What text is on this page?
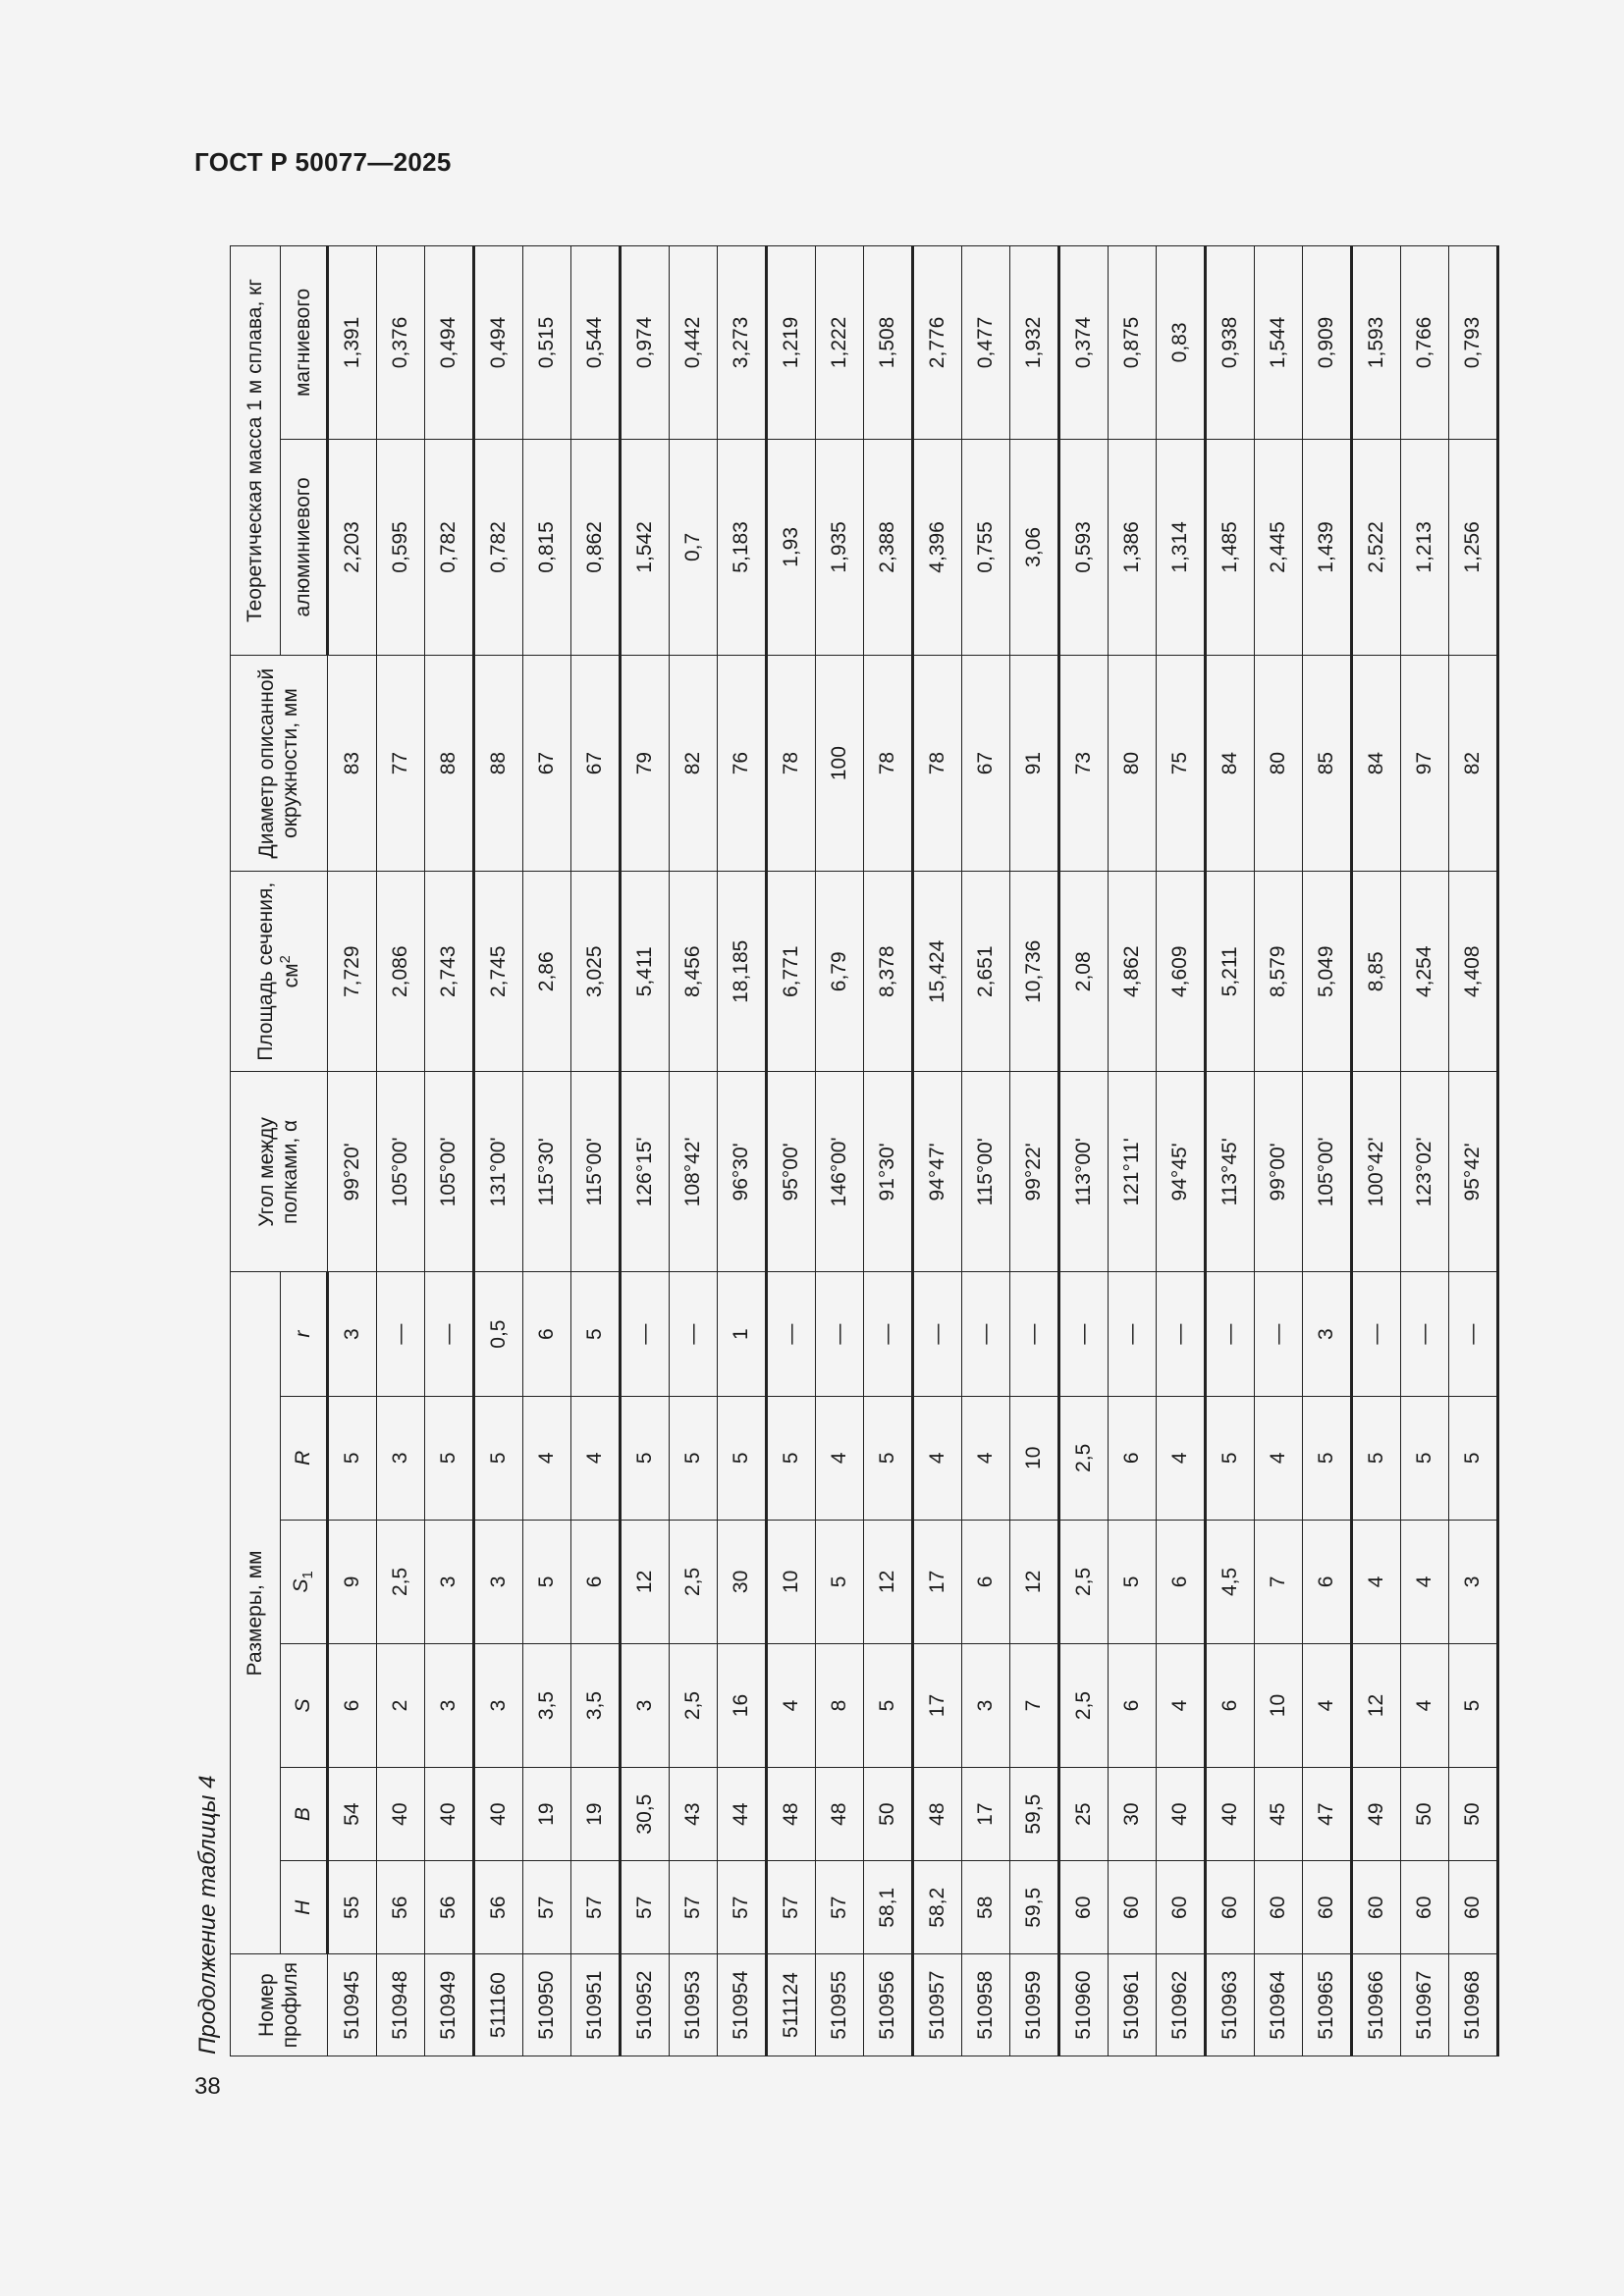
ГОСТ Р 50077—2025
Продолжение таблицы 4	Номер профиля	Размеры, мм						Угол между полками, α	Площадь сечения, $см^2$	Диаметр описанной окружности, мм	Теоретическая масса 1 м сплава, кг	
	H	B	S	$S_1$	R	r				алюминиевого	магниевого
510945	55	54	6	9	5	3	99°20'	7,729	83	2,203	1,391
510948	56	40	2	2,5	3	—	105°00'	2,086	77	0,595	0,376
510949	56	40	3	3	5	—	105°00'	2,743	88	0,782	0,494
511160	56	40	3	3	5	0,5	131°00'	2,745	88	0,782	0,494
510950	57	19	3,5	5	4	6	115°30'	2,86	67	0,815	0,515
510951	57	19	3,5	6	4	5	115°00'	3,025	67	0,862	0,544
510952	57	30,5	3	12	5	—	126°15'	5,411	79	1,542	0,974
510953	57	43	2,5	2,5	5	—	108°42'	8,456	82	0,7	0,442
510954	57	44	16	30	5	1	96°30'	18,185	76	5,183	3,273
511124	57	48	4	10	5	—	95°00'	6,771	78	1,93	1,219
510955	57	48	8	5	4	—	146°00'	6,79	100	1,935	1,222
510956	58,1	50	5	12	5	—	91°30'	8,378	78	2,388	1,508
510957	58,2	48	17	17	4	—	94°47'	15,424	78	4,396	2,776
510958	58	17	3	6	4	—	115°00'	2,651	67	0,755	0,477
510959	59,5	59,5	7	12	10	—	99°22'	10,736	91	3,06	1,932
510960	60	25	2,5	2,5	2,5	—	113°00'	2,08	73	0,593	0,374
510961	60	30	6	5	6	—	121°11'	4,862	80	1,386	0,875
510962	60	40	4	6	4	—	94°45'	4,609	75	1,314	0,83
510963	60	40	6	4,5	5	—	113°45'	5,211	84	1,485	0,938
510964	60	45	10	7	4	—	99°00'	8,579	80	2,445	1,544
510965	60	47	4	6	5	3	105°00'	5,049	85	1,439	0,909
510966	60	49	12	4	5	—	100°42'	8,85	84	2,522	1,593
510967	60	50	4	4	5	—	123°02'	4,254	97	1,213	0,766
510968	60	50	5	3	5	—	95°42'	4,408	82	1,256	0,793
38
